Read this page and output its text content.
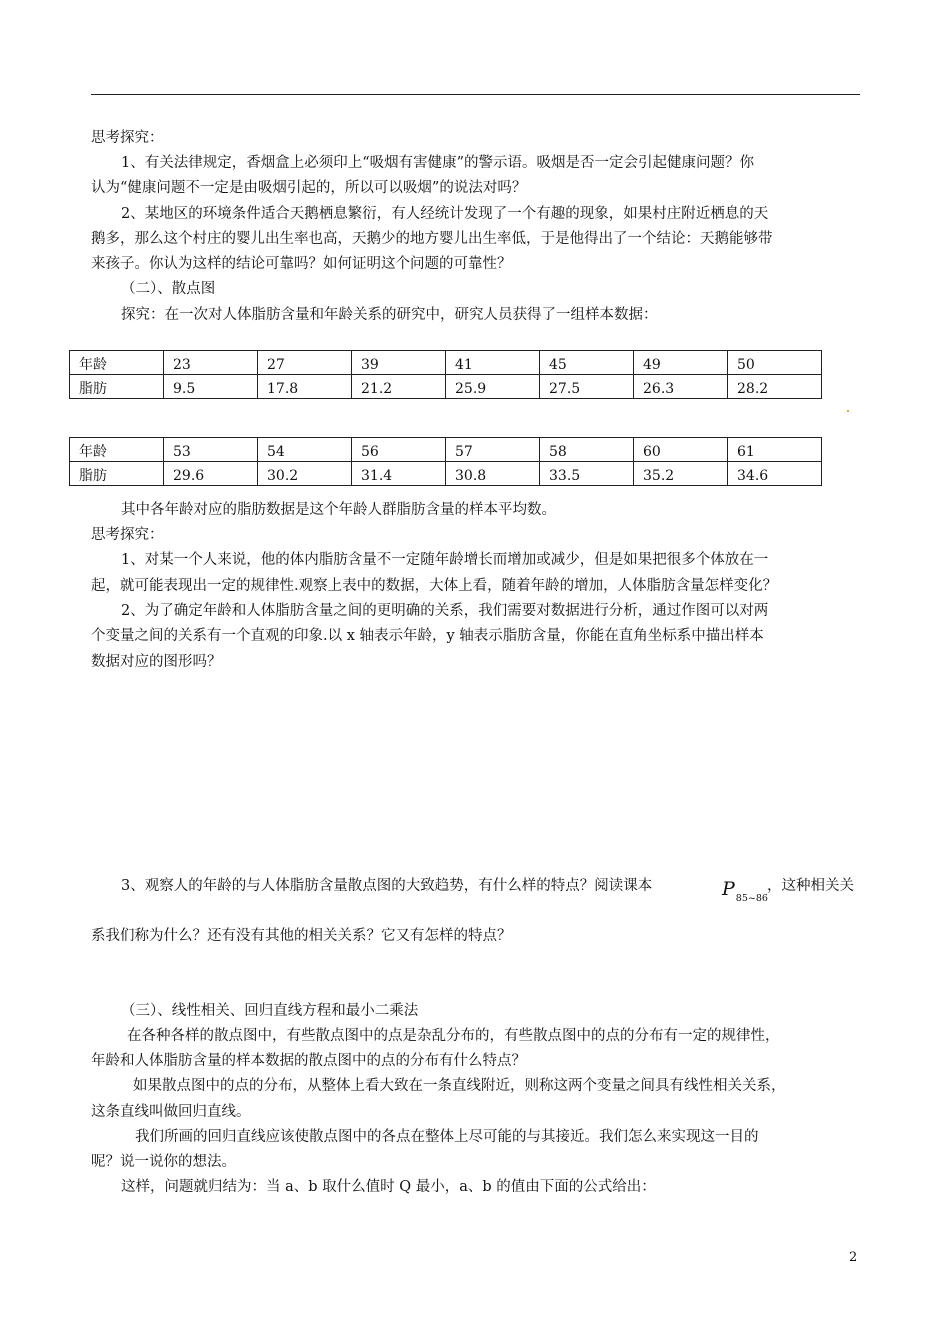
思考探究：
1、有关法律规定，香烟盒上必须印上“吸烟有害健康”的警示语。吸烟是否一定会引起健康问题？你
认为“健康问题不一定是由吸烟引起的，所以可以吸烟”的说法对吗？
2、某地区的环境条件适合天鹅栖息繁衍，有人经统计发现了一个有趣的现象，如果村庄附近栖息的天
鹅多，那么这个村庄的婴儿出生率也高，天鹅少的地方婴儿出生率低，于是他得出了一个结论：天鹅能够带
来孩子。你认为这样的结论可靠吗？如何证明这个问题的可靠性？
（二）、散点图
探究：在一次对人体脂肪含量和年龄关系的研究中，研究人员获得了一组样本数据：
年龄	23	27	39	41	45	49	50
脂肪	9.5	17.8	21.2	25.9	27.5	26.3	28.2
年龄	53	54	56	57	58	60	61
脂肪	29.6	30.2	31.4	30.8	33.5	35.2	34.6
其中各年龄对应的脂肪数据是这个年龄人群脂肪含量的样本平均数。
思考探究：
1、对某一个人来说，他的体内脂肪含量不一定随年龄增长而增加或减少，但是如果把很多个体放在一
起，就可能表现出一定的规律性.观察上表中的数据，大体上看，随着年龄的增加，人体脂肪含量怎样变化？
2、为了确定年龄和人体脂肪含量之间的更明确的关系，我们需要对数据进行分析，通过作图可以对两
个变量之间的关系有一个直观的印象.以 x 轴表示年龄，y 轴表示脂肪含量，你能在直角坐标系中描出样本
数据对应的图形吗？
3、观察人的年龄的与人体脂肪含量散点图的大致趋势，有什么样的特点？阅读课本	$P_{85\sim 86}$
，这种相关关
系我们称为什么？还有没有其他的相关关系？它又有怎样的特点？
（三）、线性相关、回归直线方程和最小二乘法
在各种各样的散点图中，有些散点图中的点是杂乱分布的，有些散点图中的点的分布有一定的规律性，
年龄和人体脂肪含量的样本数据的散点图中的点的分布有什么特点？
如果散点图中的点的分布，从整体上看大致在一条直线附近，则称这两个变量之间具有线性相关关系，
这条直线叫做回归直线。
我们所画的回归直线应该使散点图中的各点在整体上尽可能的与其接近。我们怎么来实现这一目的
呢？说一说你的想法。
这样，问题就归结为：当 a、b 取什么值时 Q 最小，a、b 的值由下面的公式给出：
2
